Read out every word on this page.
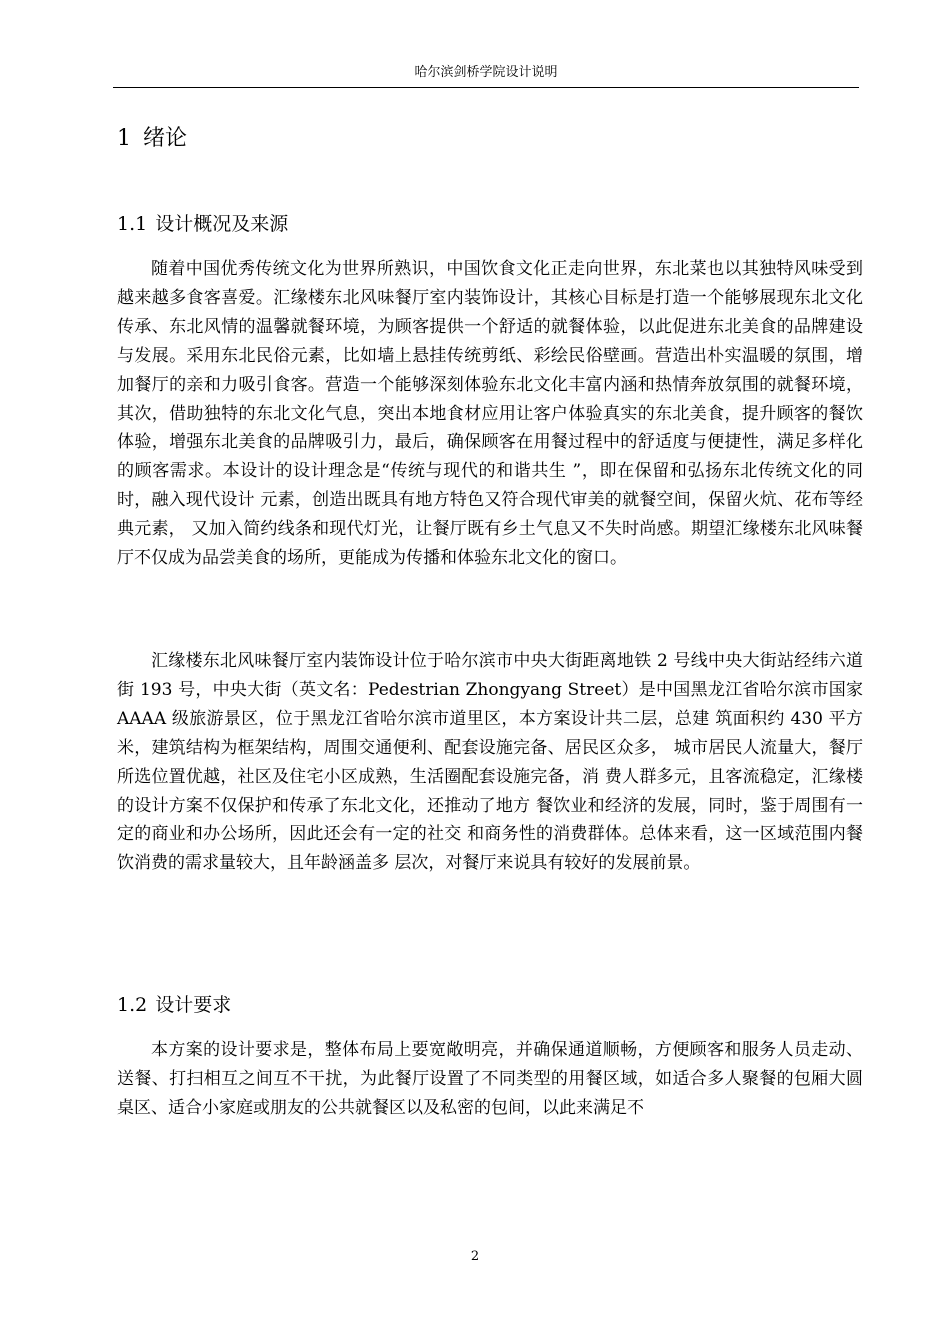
哈尔滨剑桥学院设计说明
1 绪论
1.1 设计概况及来源

随着中国优秀传统文化为世界所熟识，中国饮食文化正走向世界，东北菜也以其独特风味受到越来越多食客喜爱。汇缘楼东北风味餐厅室内装饰设计，其核心目标是打造一个能够展现东北文化传承、东北风情的温馨就餐环境，为顾客提供一个舒适的就餐体验，以此促进东北美食的品牌建设与发展。采用东北民俗元素，比如墙上悬挂传统剪纸、彩绘民俗壁画。营造出朴实温暖的氛围，增加餐厅的亲和力吸引食客。营造一个能够深刻体验东北文化丰富内涵和热情奔放氛围的就餐环境，其次，借助独特的东北文化气息，突出本地食材应用让客户体验真实的东北美食，提升顾客的餐饮体验，增强东北美食的品牌吸引力，最后，确保顾客在用餐过程中的舒适度与便捷性，满足多样化的顾客需求。本设计的设计理念是“传统与现代的和谐共生 ”，即在保留和弘扬东北传统文化的同时，融入现代设计 元素，创造出既具有地方特色又符合现代审美的就餐空间，保留火炕、花布等经典元素， 又加入简约线条和现代灯光，让餐厅既有乡土气息又不失时尚感。期望汇缘楼东北风味餐 厅不仅成为品尝美食的场所，更能成为传播和体验东北文化的窗口。

汇缘楼东北风味餐厅室内装饰设计位于哈尔滨市中央大街距离地铁 2 号线中央大街站经纬六道街 193 号，中央大街（英文名：Pedestrian Zhongyang Street）是中国黑龙江省哈尔滨市国家 AAAA 级旅游景区，位于黑龙江省哈尔滨市道里区，本方案设计共二层，总建 筑面积约 430 平方米，建筑结构为框架结构，周围交通便利、配套设施完备、居民区众多， 城市居民人流量大，餐厅所选位置优越，社区及住宅小区成熟，生活圈配套设施完备，消 费人群多元，且客流稳定，汇缘楼的设计方案不仅保护和传承了东北文化，还推动了地方 餐饮业和经济的发展，同时，鉴于周围有一定的商业和办公场所，因此还会有一定的社交 和商务性的消费群体。总体来看，这一区域范围内餐饮消费的需求量较大，且年龄涵盖多 层次，对餐厅来说具有较好的发展前景。

1.2 设计要求

本方案的设计要求是，整体布局上要宽敞明亮，并确保通道顺畅，方便顾客和服务人员走动、送餐、打扫相互之间互不干扰，为此餐厅设置了不同类型的用餐区域，如适合多人聚餐的包厢大圆桌区、适合小家庭或朋友的公共就餐区以及私密的包间，以此来满足不

2
